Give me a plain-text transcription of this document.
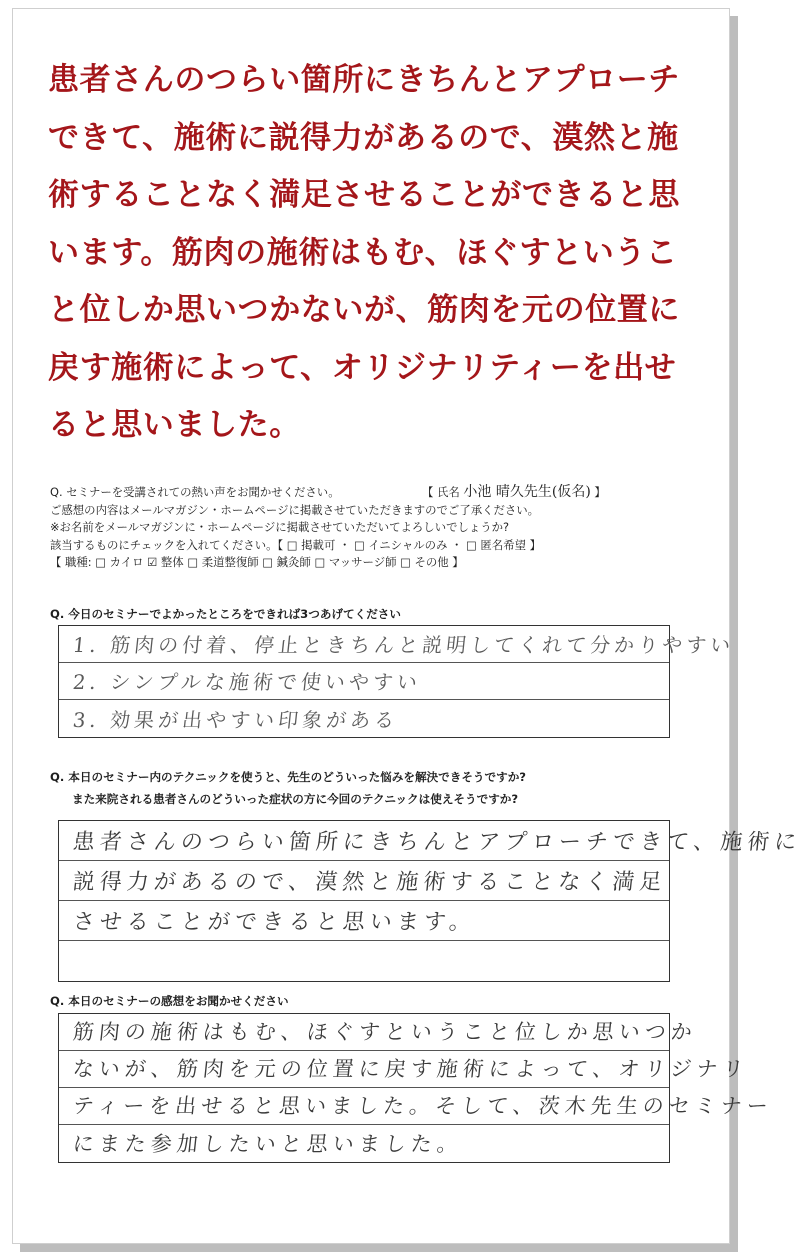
患者さんのつらい箇所にきちんとアプローチできて、施術に説得力があるので、漠然と施術することなく満足させることができると思います。筋肉の施術はもむ、ほぐすということ位しか思いつかないが、筋肉を元の位置に戻す施術によって、オリジナリティーを出せると思いました。

Q. セミナーを受講されての熱い声をお聞かせください。	【 氏名 小池 晴久先生(仮名) 】
ご感想の内容はメールマガジン・ホームページに掲載させていただきますのでご了承ください。
※お名前をメールマガジンに・ホームページに掲載させていただいてよろしいでしょうか?
該当するものにチェックを入れてください。【 □ 掲載可 ・ □ イニシャルのみ ・ □ 匿名希望 】
【 職種: □ カイロ ☑ 整体 □ 柔道整復師 □ 鍼灸師 □ マッサージ師 □ その他 】
Q. 今日のセミナーでよかったところをできれば3つあげてください
1. 筋肉の付着、停止ときちんと説明してくれて分かりやすい
2. シンプルな施術で使いやすい
3. 効果が出やすい印象がある
Q. 本日のセミナー内のテクニックを使うと、先生のどういった悩みを解決できそうですか?
また来院される患者さんのどういった症状の方に今回のテクニックは使えそうですか?
患者さんのつらい箇所にきちんとアプローチできて、施術に
説得力があるので、漠然と施術することなく満足
させることができると思います。
Q. 本日のセミナーの感想をお聞かせください
筋肉の施術はもむ、ほぐすということ位しか思いつか
ないが、筋肉を元の位置に戻す施術によって、オリジナリ
ティーを出せると思いました。そして、茨木先生のセミナー
にまた参加したいと思いました。
